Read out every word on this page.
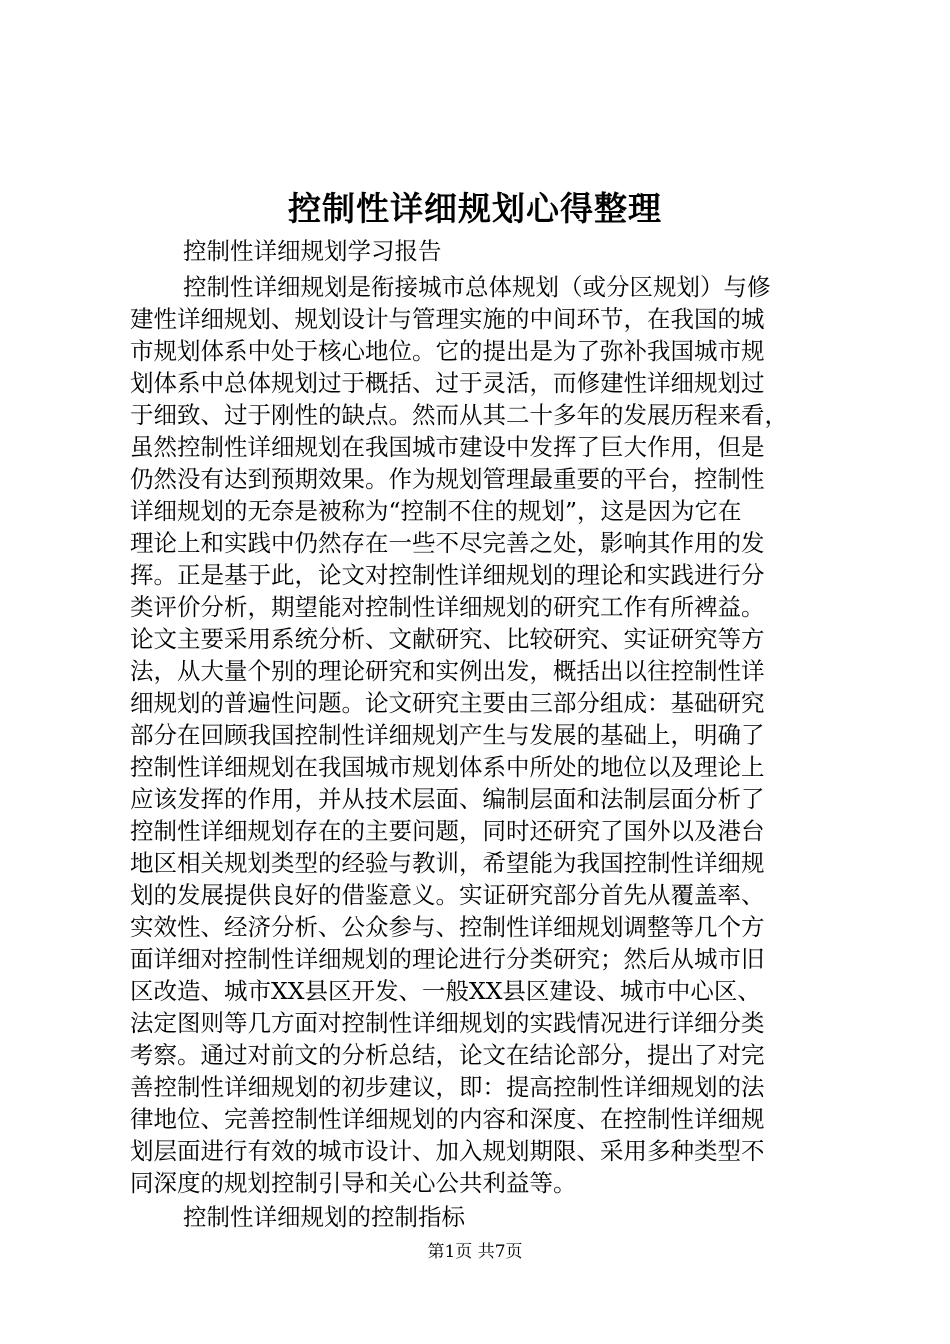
控制性详细规划心得整理
控制性详细规划学习报告
控制性详细规划是衔接城市总体规划（或分区规划）与修
建性详细规划、规划设计与管理实施的中间环节，在我国的城
市规划体系中处于核心地位。它的提出是为了弥补我国城市规
划体系中总体规划过于概括、过于灵活，而修建性详细规划过
于细致、过于刚性的缺点。然而从其二十多年的发展历程来看，
虽然控制性详细规划在我国城市建设中发挥了巨大作用，但是
仍然没有达到预期效果。作为规划管理最重要的平台，控制性
详细规划的无奈是被称为“控制不住的规划”，这是因为它在
理论上和实践中仍然存在一些不尽完善之处，影响其作用的发
挥。正是基于此，论文对控制性详细规划的理论和实践进行分
类评价分析，期望能对控制性详细规划的研究工作有所裨益。
论文主要采用系统分析、文献研究、比较研究、实证研究等方
法，从大量个别的理论研究和实例出发，概括出以往控制性详
细规划的普遍性问题。论文研究主要由三部分组成：基础研究
部分在回顾我国控制性详细规划产生与发展的基础上，明确了
控制性详细规划在我国城市规划体系中所处的地位以及理论上
应该发挥的作用，并从技术层面、编制层面和法制层面分析了
控制性详细规划存在的主要问题，同时还研究了国外以及港台
地区相关规划类型的经验与教训，希望能为我国控制性详细规
划的发展提供良好的借鉴意义。实证研究部分首先从覆盖率、
实效性、经济分析、公众参与、控制性详细规划调整等几个方
面详细对控制性详细规划的理论进行分类研究；然后从城市旧
区改造、城市XX县区开发、一般XX县区建设、城市中心区、
法定图则等几方面对控制性详细规划的实践情况进行详细分类
考察。通过对前文的分析总结，论文在结论部分，提出了对完
善控制性详细规划的初步建议，即：提高控制性详细规划的法
律地位、完善控制性详细规划的内容和深度、在控制性详细规
划层面进行有效的城市设计、加入规划期限、采用多种类型不
同深度的规划控制引导和关心公共利益等。
控制性详细规划的控制指标
第1页 共7页
